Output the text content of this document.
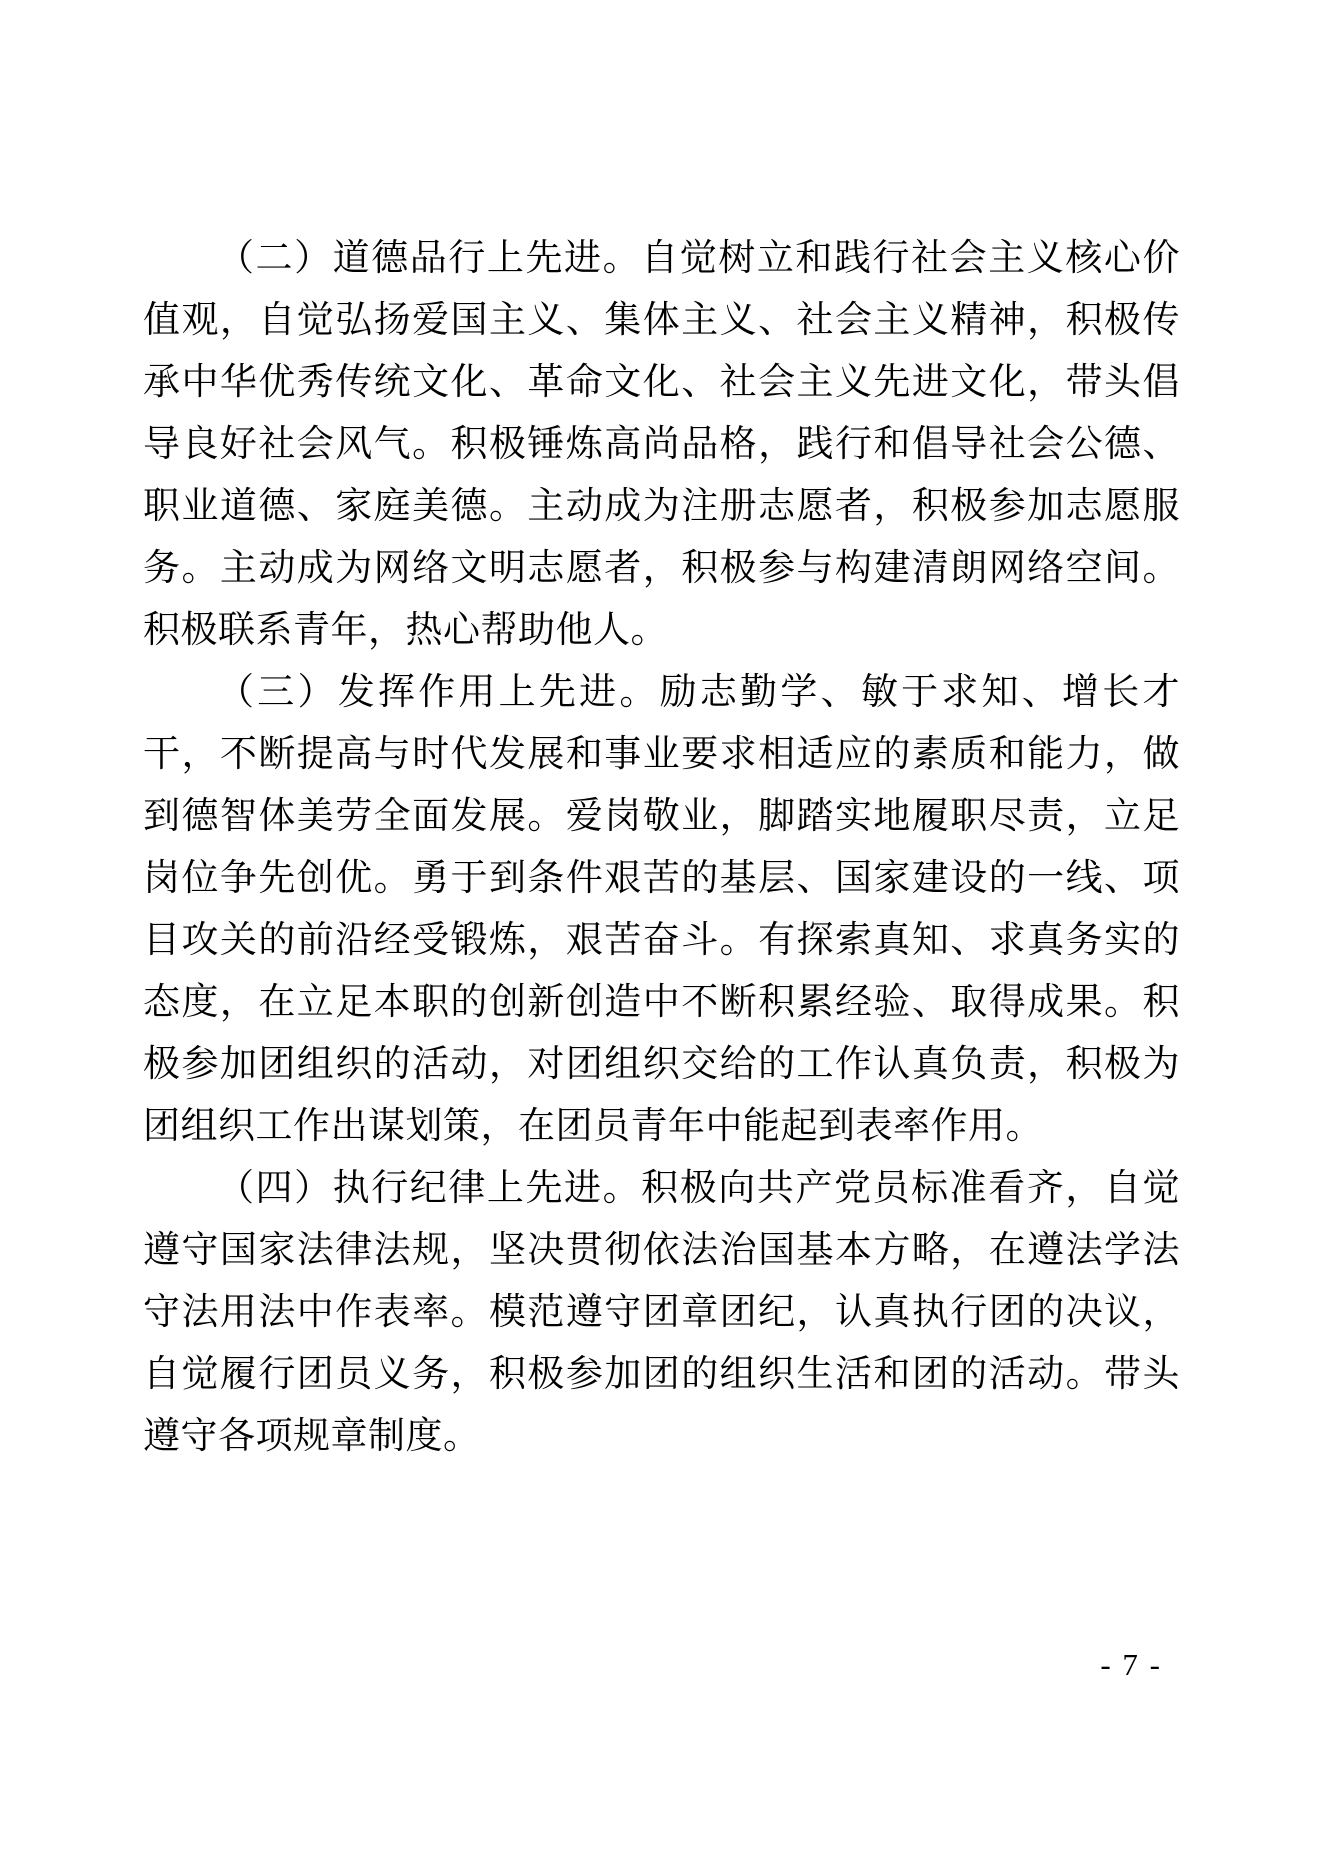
（二）道德品行上先进。自觉树立和践行社会主义核心价值观，自觉弘扬爱国主义、集体主义、社会主义精神，积极传承中华优秀传统文化、革命文化、社会主义先进文化，带头倡导良好社会风气。积极锤炼高尚品格，践行和倡导社会公德、职业道德、家庭美德。主动成为注册志愿者，积极参加志愿服务。主动成为网络文明志愿者，积极参与构建清朗网络空间。积极联系青年，热心帮助他人。

（三）发挥作用上先进。励志勤学、敏于求知、增长才干，不断提高与时代发展和事业要求相适应的素质和能力，做到德智体美劳全面发展。爱岗敬业，脚踏实地履职尽责，立足岗位争先创优。勇于到条件艰苦的基层、国家建设的一线、项目攻关的前沿经受锻炼，艰苦奋斗。有探索真知、求真务实的态度，在立足本职的创新创造中不断积累经验、取得成果。积极参加团组织的活动，对团组织交给的工作认真负责，积极为团组织工作出谋划策，在团员青年中能起到表率作用。

（四）执行纪律上先进。积极向共产党员标准看齐，自觉遵守国家法律法规，坚决贯彻依法治国基本方略，在遵法学法守法用法中作表率。模范遵守团章团纪，认真执行团的决议，自觉履行团员义务，积极参加团的组织生活和团的活动。带头遵守各项规章制度。

- 7 -
